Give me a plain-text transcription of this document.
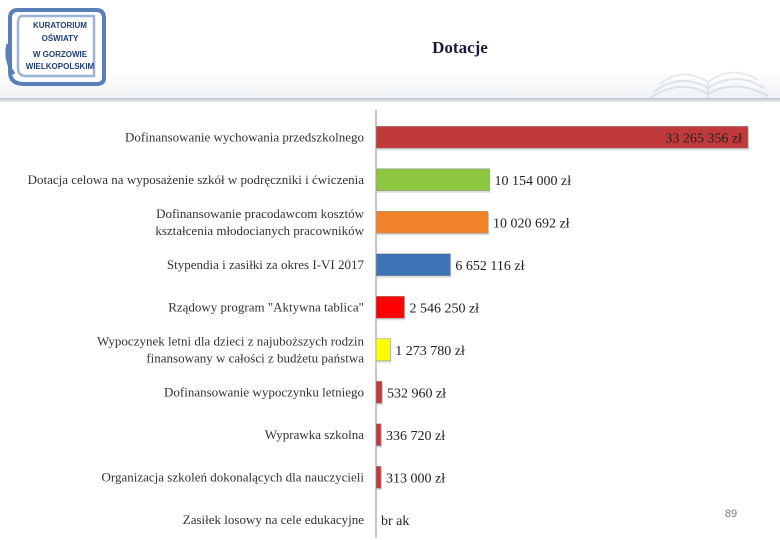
KURATORIUM
OŚWIATY
W GORZOWIE
WIELKOPOLSKIM
Dotacje
Dofinansowanie wychowania przedszkolnego	33 265 356 zł
Dotacja celowa na wyposażenie szkół w podręczniki i ćwiczenia	10 154 000 zł
Dofinansowanie pracodawcom kosztów kształcenia młodocianych pracowników	10 020 692 zł
Stypendia i zasiłki za okres I-VI 2017	6 652 116 zł
Rządowy program "Aktywna tablica"	2 546 250 zł
Wypoczynek letni dla dzieci z najuboższych rodzin finansowany w całości z budżetu państwa 1 273 780 zł
Dofinansowanie wypoczynku letniego 532 960 zł
Wyprawka szkolna 336 720 zł
Organizacja szkoleń dokonalących dla nauczycieli 313 000 zł
Zasiłek losowy na cele edukacyjne br ak	89
